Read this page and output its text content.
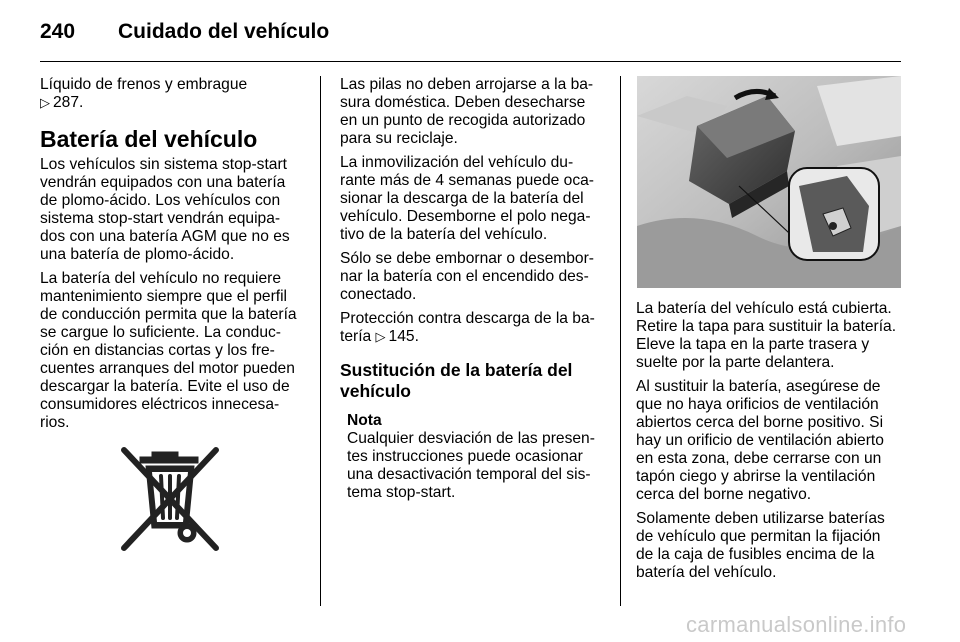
240 Cuidado del vehículo

Líquido de frenos y embrague
▷ 287.

Batería del vehículo

Los vehículos sin sistema stop-start
vendrán equipados con una batería
de plomo-ácido. Los vehículos con
sistema stop-start vendrán equipa-
dos con una batería AGM que no es
una batería de plomo-ácido.

La batería del vehículo no requiere
mantenimiento siempre que el perfil
de conducción permita que la batería
se cargue lo suficiente. La conduc-
ción en distancias cortas y los fre-
cuentes arranques del motor pueden
descargar la batería. Evite el uso de
consumidores eléctricos innecesa-
rios.

Las pilas no deben arrojarse a la ba-
sura doméstica. Deben desecharse
en un punto de recogida autorizado
para su reciclaje.

La inmovilización del vehículo du-
rante más de 4 semanas puede oca-
sionar la descarga de la batería del
vehículo. Desemborne el polo nega-
tivo de la batería del vehículo.

Sólo se debe embornar o desembor-
nar la batería con el encendido des-
conectado.

Protección contra descarga de la ba-
tería ▷ 145.

Sustitución de la batería del
vehículo
Nota
Cualquier desviación de las presen-
tes instrucciones puede ocasionar
una desactivación temporal del sis-
tema stop-start.

La batería del vehículo está cubierta.
Retire la tapa para sustituir la batería.
Eleve la tapa en la parte trasera y
suelte por la parte delantera.

Al sustituir la batería, asegúrese de
que no haya orificios de ventilación
abiertos cerca del borne positivo. Si
hay un orificio de ventilación abierto
en esta zona, debe cerrarse con un
tapón ciego y abrirse la ventilación
cerca del borne negativo.

Solamente deben utilizarse baterías
de vehículo que permitan la fijación
de la caja de fusibles encima de la
batería del vehículo.

carmanualsonline.info
